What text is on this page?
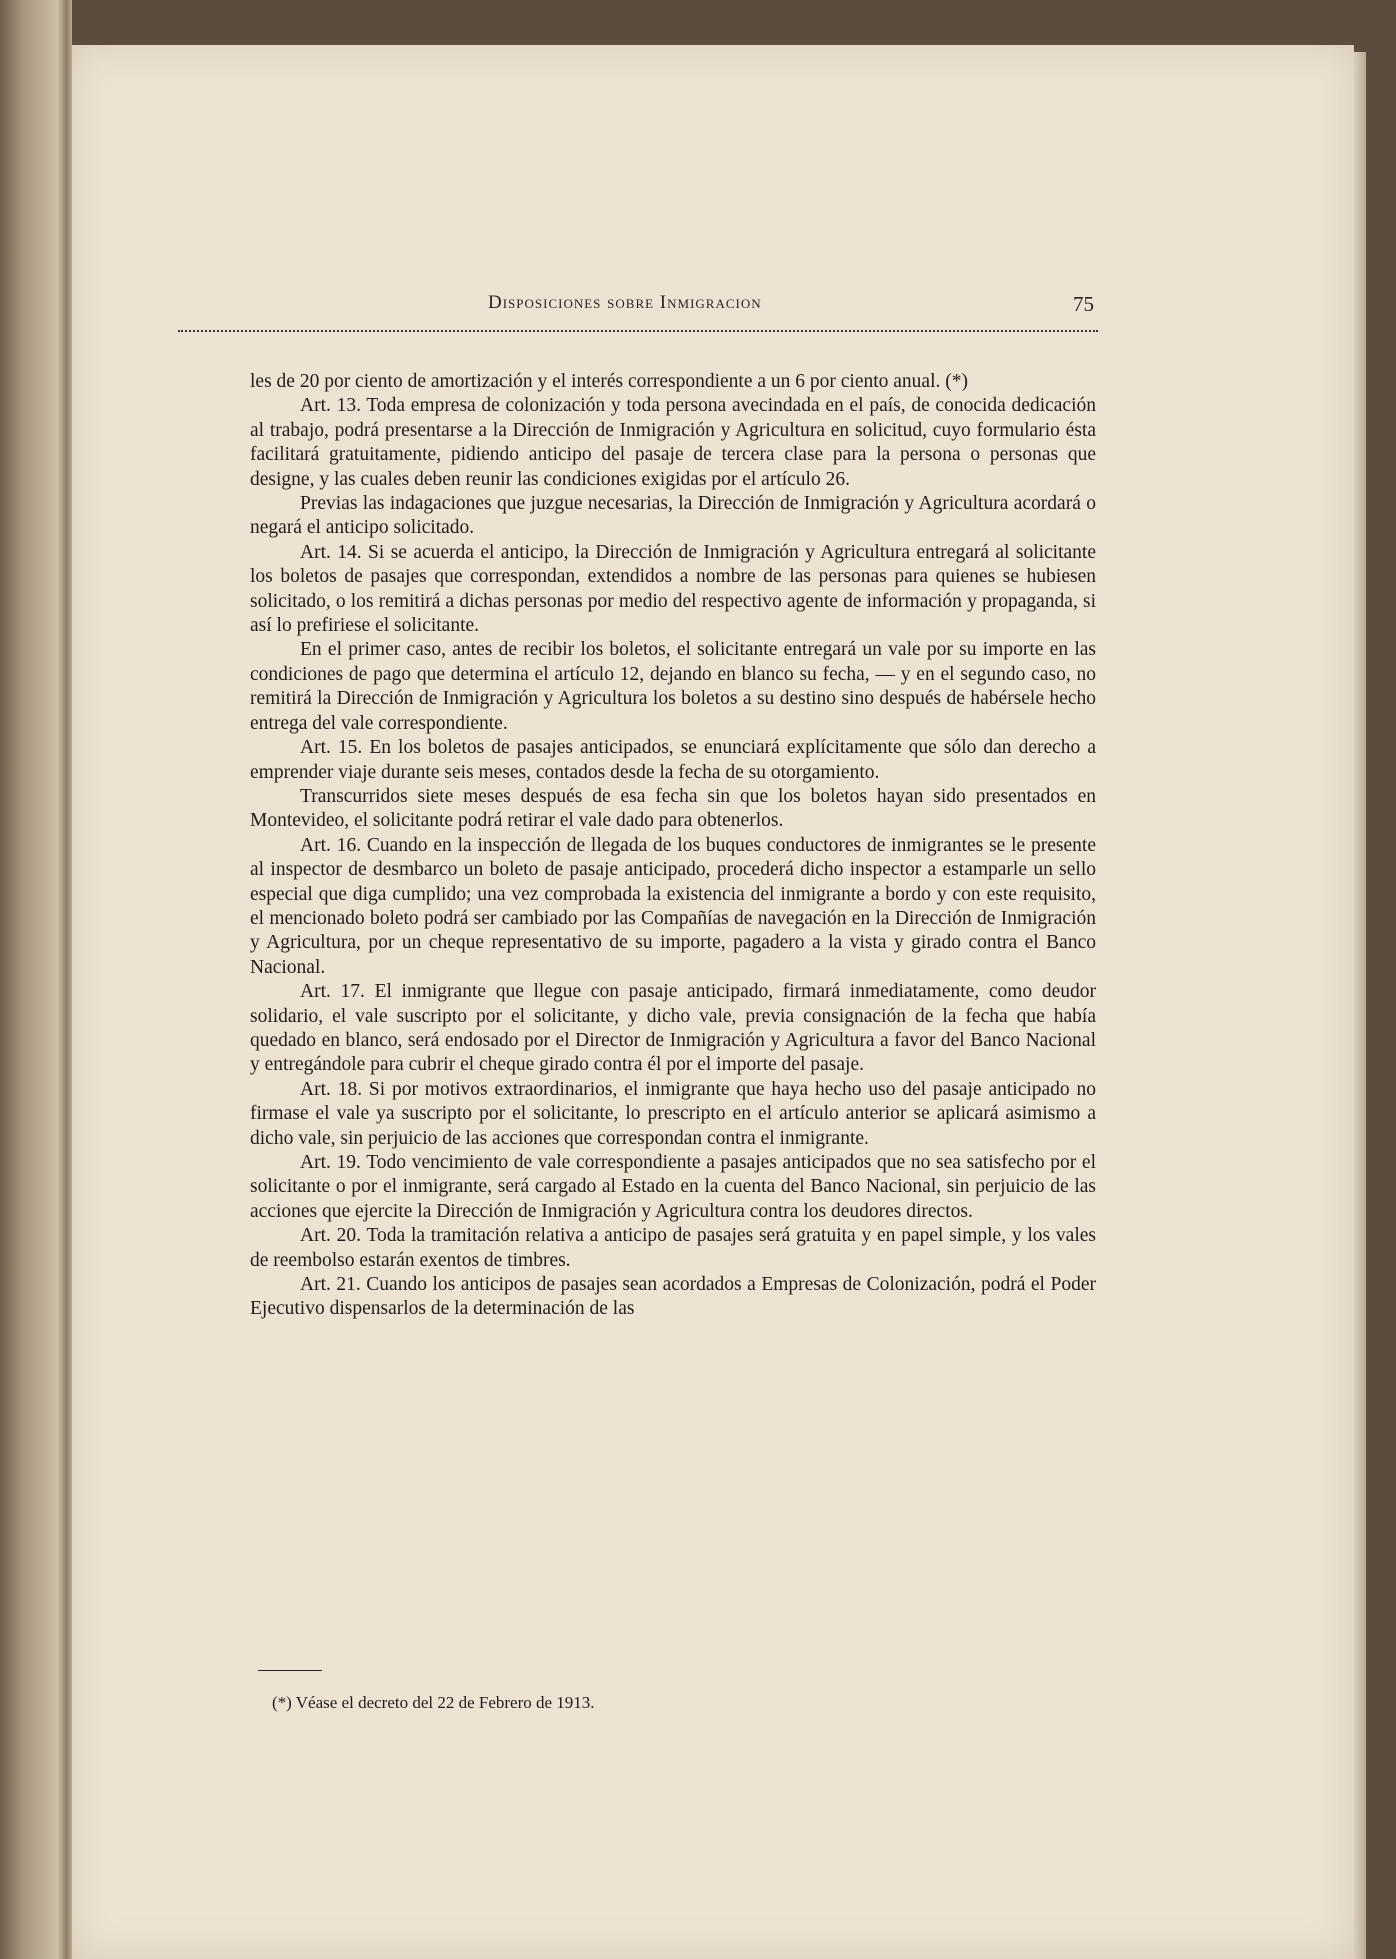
Disposiciones sobre Inmigracion	75

les de 20 por ciento de amortización y el interés correspondiente a un 6 por ciento anual. (*)

Art. 13. Toda empresa de colonización y toda persona avecindada en el país, de conocida dedicación al trabajo, podrá presentarse a la Dirección de Inmigración y Agricultura en solicitud, cuyo formulario ésta facilitará gratuitamente, pidiendo anticipo del pasaje de tercera clase para la persona o personas que designe, y las cuales deben reunir las condiciones exigidas por el artículo 26.

Previas las indagaciones que juzgue necesarias, la Dirección de Inmigración y Agricultura acordará o negará el anticipo solicitado.

Art. 14. Si se acuerda el anticipo, la Dirección de Inmigración y Agricultura entregará al solicitante los boletos de pasajes que correspondan, extendidos a nombre de las personas para quienes se hubiesen solicitado, o los remitirá a dichas personas por medio del respectivo agente de información y propaganda, si así lo prefiriese el solicitante.

En el primer caso, antes de recibir los boletos, el solicitante entregará un vale por su importe en las condiciones de pago que determina el artículo 12, dejando en blanco su fecha, — y en el segundo caso, no remitirá la Dirección de Inmigración y Agricultura los boletos a su destino sino después de habérsele hecho entrega del vale correspondiente.

Art. 15. En los boletos de pasajes anticipados, se enunciará explícitamente que sólo dan derecho a emprender viaje durante seis meses, contados desde la fecha de su otorgamiento.

Transcurridos siete meses después de esa fecha sin que los boletos hayan sido presentados en Montevideo, el solicitante podrá retirar el vale dado para obtenerlos.

Art. 16. Cuando en la inspección de llegada de los buques conductores de inmigrantes se le presente al inspector de desmbarco un boleto de pasaje anticipado, procederá dicho inspector a estamparle un sello especial que diga cumplido; una vez comprobada la existencia del inmigrante a bordo y con este requisito, el mencionado boleto podrá ser cambiado por las Compañías de navegación en la Dirección de Inmigración y Agricultura, por un cheque representativo de su importe, pagadero a la vista y girado contra el Banco Nacional.

Art. 17. El inmigrante que llegue con pasaje anticipado, firmará inmediatamente, como deudor solidario, el vale suscripto por el solicitante, y dicho vale, previa consignación de la fecha que había quedado en blanco, será endosado por el Director de Inmigración y Agricultura a favor del Banco Nacional y entregándole para cubrir el cheque girado contra él por el importe del pasaje.

Art. 18. Si por motivos extraordinarios, el inmigrante que haya hecho uso del pasaje anticipado no firmase el vale ya suscripto por el solicitante, lo prescripto en el artículo anterior se aplicará asimismo a dicho vale, sin perjuicio de las acciones que correspondan contra el inmigrante.

Art. 19. Todo vencimiento de vale correspondiente a pasajes anticipados que no sea satisfecho por el solicitante o por el inmigrante, será cargado al Estado en la cuenta del Banco Nacional, sin perjuicio de las acciones que ejercite la Dirección de Inmigración y Agricultura contra los deudores directos.

Art. 20. Toda la tramitación relativa a anticipo de pasajes será gratuita y en papel simple, y los vales de reembolso estarán exentos de timbres.

Art. 21. Cuando los anticipos de pasajes sean acordados a Empresas de Colonización, podrá el Poder Ejecutivo dispensarlos de la determinación de las

(*) Véase el decreto del 22 de Febrero de 1913.
